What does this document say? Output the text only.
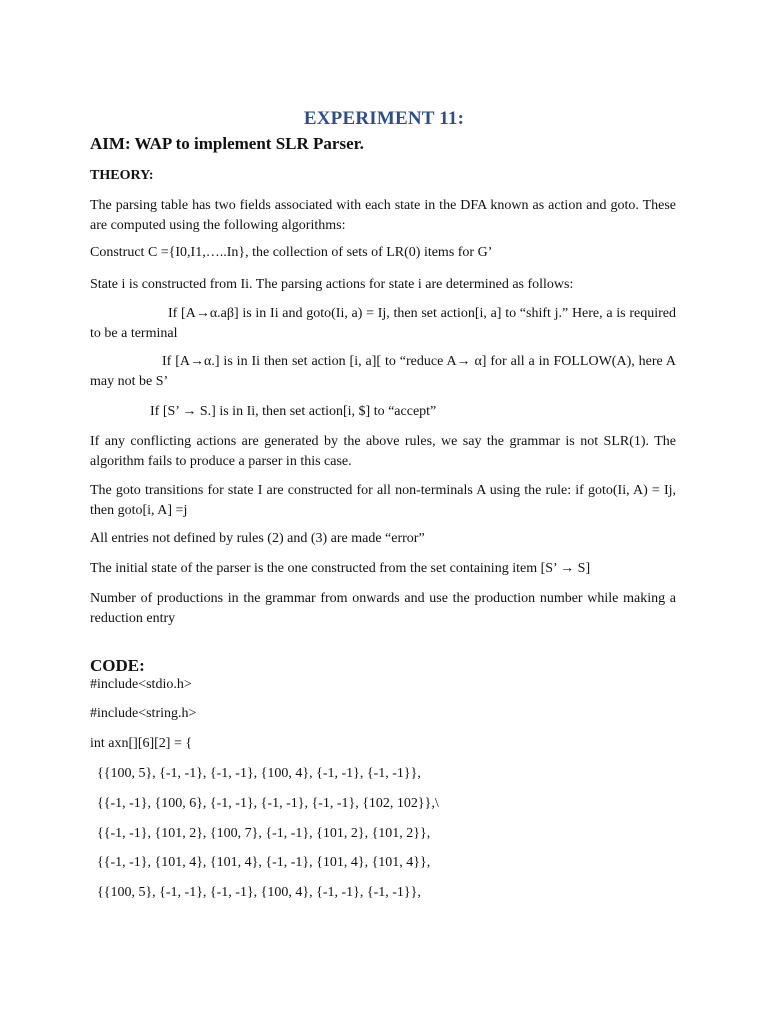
EXPERIMENT 11:
AIM: WAP to implement SLR Parser.
THEORY:
The parsing table has two fields associated with each state in the DFA known as action and goto. These are computed using the following algorithms:
Construct C ={I0,I1,…..In}, the collection of sets of LR(0) items for G’
State i is constructed from Ii. The parsing actions for state i are determined as follows:
If [A→α.aβ] is in Ii and goto(Ii, a) = Ij, then set action[i, a] to “shift j.” Here, a is required to be a terminal
If [A→α.] is in Ii then set action [i, a][ to “reduce A→ α] for all a in FOLLOW(A), here A may not be S’
If [S’ → S.] is in Ii, then set action[i, $] to “accept”
If any conflicting actions are generated by the above rules, we say the grammar is not SLR(1). The algorithm fails to produce a parser in this case.
The goto transitions for state I are constructed for all non-terminals A using the rule: if goto(Ii, A) = Ij, then goto[i, A] =j
All entries not defined by rules (2) and (3) are made “error”
The initial state of the parser is the one constructed from the set containing item [S’ → S]
Number of productions in the grammar from onwards and use the production number while making a reduction entry
CODE:
#include<stdio.h>
#include<string.h>
int axn[][6][2] = {
{{100, 5}, {-1, -1}, {-1, -1}, {100, 4}, {-1, -1}, {-1, -1}},
{{-1, -1}, {100, 6}, {-1, -1}, {-1, -1}, {-1, -1}, {102, 102}},\
{{-1, -1}, {101, 2}, {100, 7}, {-1, -1}, {101, 2}, {101, 2}},
{{-1, -1}, {101, 4}, {101, 4}, {-1, -1}, {101, 4}, {101, 4}},
{{100, 5}, {-1, -1}, {-1, -1}, {100, 4}, {-1, -1}, {-1, -1}},
